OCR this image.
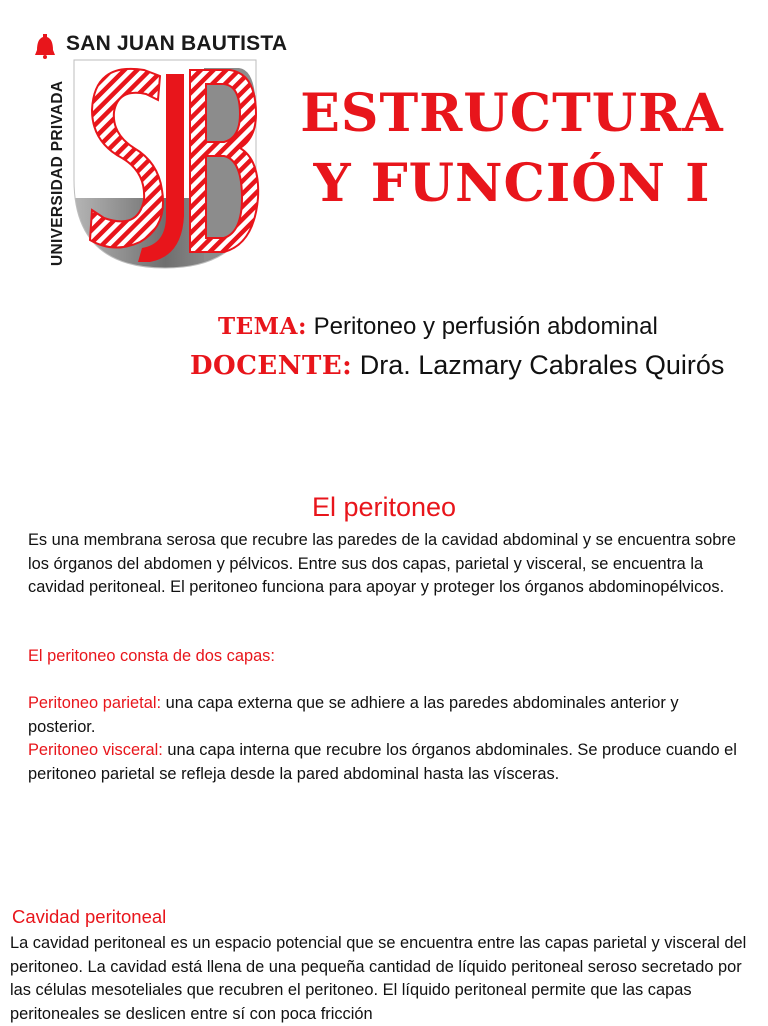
SAN JUAN BAUTISTA
UNIVERSIDAD PRIVADA	ESTRUCTURA
Y FUNCIÓN I
TEMA: Peritoneo y perfusión abdominal
DOCENTE: Dra. Lazmary Cabrales Quirós
El peritoneo
Es una membrana serosa que recubre las paredes de la cavidad abdominal y se encuentra sobre los órganos del abdomen y pélvicos. Entre sus dos capas, parietal y visceral, se encuentra la cavidad peritoneal. El peritoneo funciona para apoyar y proteger los órganos abdominopélvicos.
El peritoneo consta de dos capas:
Peritoneo parietal: una capa externa que se adhiere a las paredes abdominales anterior y posterior.
Peritoneo visceral: una capa interna que recubre los órganos abdominales. Se produce cuando el peritoneo parietal se refleja desde la pared abdominal hasta las vísceras.
Cavidad peritoneal
La cavidad peritoneal es un espacio potencial que se encuentra entre las capas parietal y visceral del peritoneo. La cavidad está llena de una pequeña cantidad de líquido peritoneal seroso secretado por las células mesoteliales que recubren el peritoneo. El líquido peritoneal permite que las capas peritoneales se deslicen entre sí con poca fricción
